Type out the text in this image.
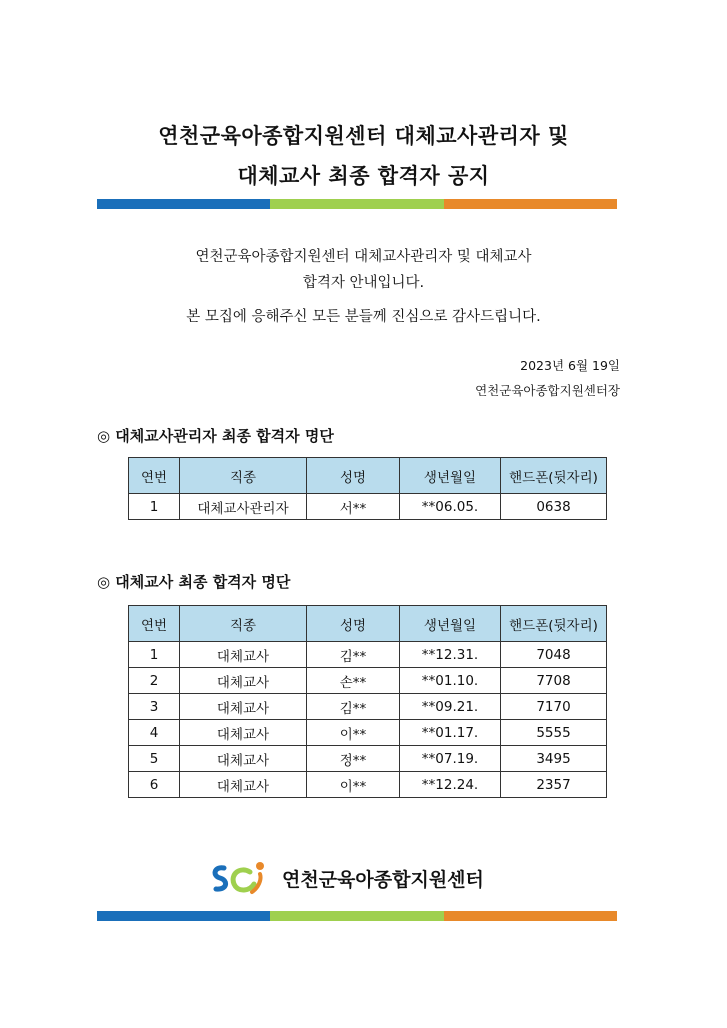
연천군육아종합지원센터 대체교사관리자 및
대체교사 최종 합격자 공지
연천군육아종합지원센터 대체교사관리자 및 대체교사
합격자 안내입니다.
본 모집에 응해주신 모든 분들께 진심으로 감사드립니다.
2023년 6월 19일
연천군육아종합지원센터장
◎ 대체교사관리자 최종 합격자 명단
연번	직종	성명	생년월일	핸드폰(뒷자리)
1	대체교사관리자	서**	**06.05.	0638
◎ 대체교사 최종 합격자 명단
연번	직종	성명	생년월일	핸드폰(뒷자리)
1	대체교사	김**	**12.31.	7048
2	대체교사	손**	**01.10.	7708
3	대체교사	김**	**09.21.	7170
4	대체교사	이**	**01.17.	5555
5	대체교사	정**	**07.19.	3495
6	대체교사	이**	**12.24.	2357
연천군육아종합지원센터
